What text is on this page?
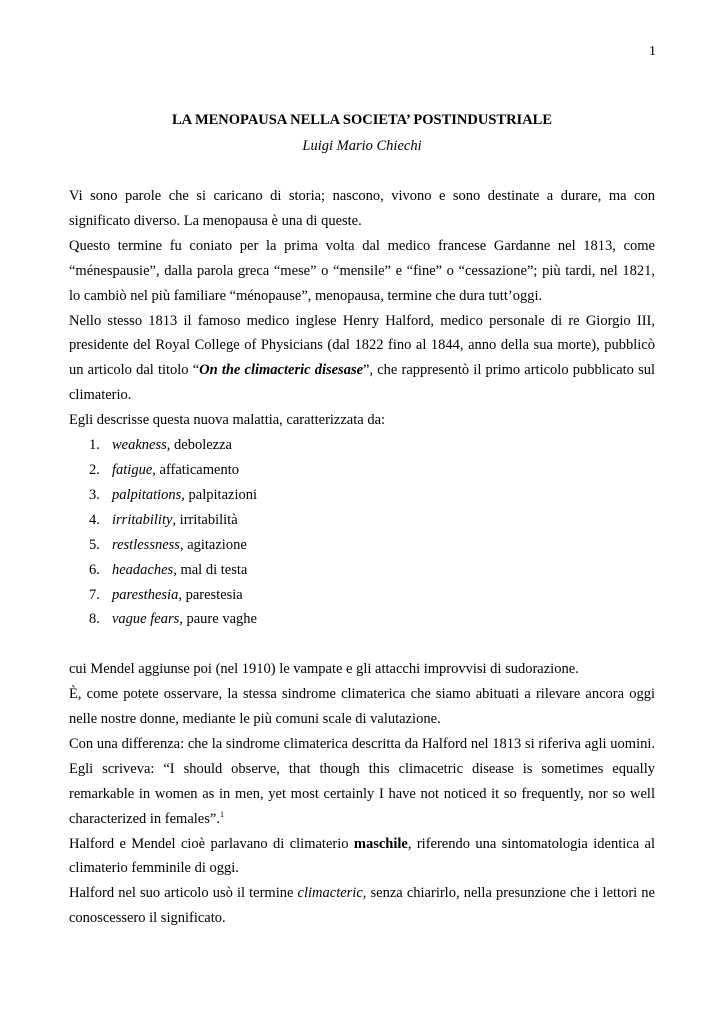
1
LA MENOPAUSA NELLA SOCIETA’ POSTINDUSTRIALE
Luigi Mario Chiechi

Vi sono parole che si caricano di storia; nascono, vivono e sono destinate a durare, ma con significato diverso. La menopausa è una di queste.

Questo termine fu coniato per la prima volta dal medico francese Gardanne nel 1813, come “ménespausie”, dalla parola greca “mese” o “mensile” e “fine” o “cessazione”; più tardi, nel 1821, lo cambiò nel più familiare “ménopause”, menopausa, termine che dura tutt’oggi.

Nello stesso 1813 il famoso medico inglese Henry Halford, medico personale di re Giorgio III, presidente del Royal College of Physicians (dal 1822 fino al 1844, anno della sua morte), pubblicò un articolo dal titolo “On the climacteric disesase”, che rappresentò il primo articolo pubblicato sul climaterio.

Egli descrisse questa nuova malattia, caratterizzata da:

1. weakness, debolezza
2. fatigue, affaticamento
3. palpitations, palpitazioni
4. irritability, irritabilità
5. restlessness, agitazione
6. headaches, mal di testa
7. paresthesia, parestesia
8. vague fears, paure vaghe

cui Mendel aggiunse poi (nel 1910) le vampate e gli attacchi improvvisi di sudorazione.

È, come potete osservare, la stessa sindrome climaterica che siamo abituati a rilevare ancora oggi nelle nostre donne, mediante le più comuni scale di valutazione.

Con una differenza: che la sindrome climaterica descritta da Halford nel 1813 si riferiva agli uomini. Egli scriveva: “I should observe, that though this climacetric disease is sometimes equally remarkable in women as in men, yet most certainly I have not noticed it so frequently, nor so well characterized in females”.$^1$

Halford e Mendel cioè parlavano di climaterio maschile, riferendo una sintomatologia identica al climaterio femminile di oggi.

Halford nel suo articolo usò il termine climacteric, senza chiarirlo, nella presunzione che i lettori ne conoscessero il significato.
